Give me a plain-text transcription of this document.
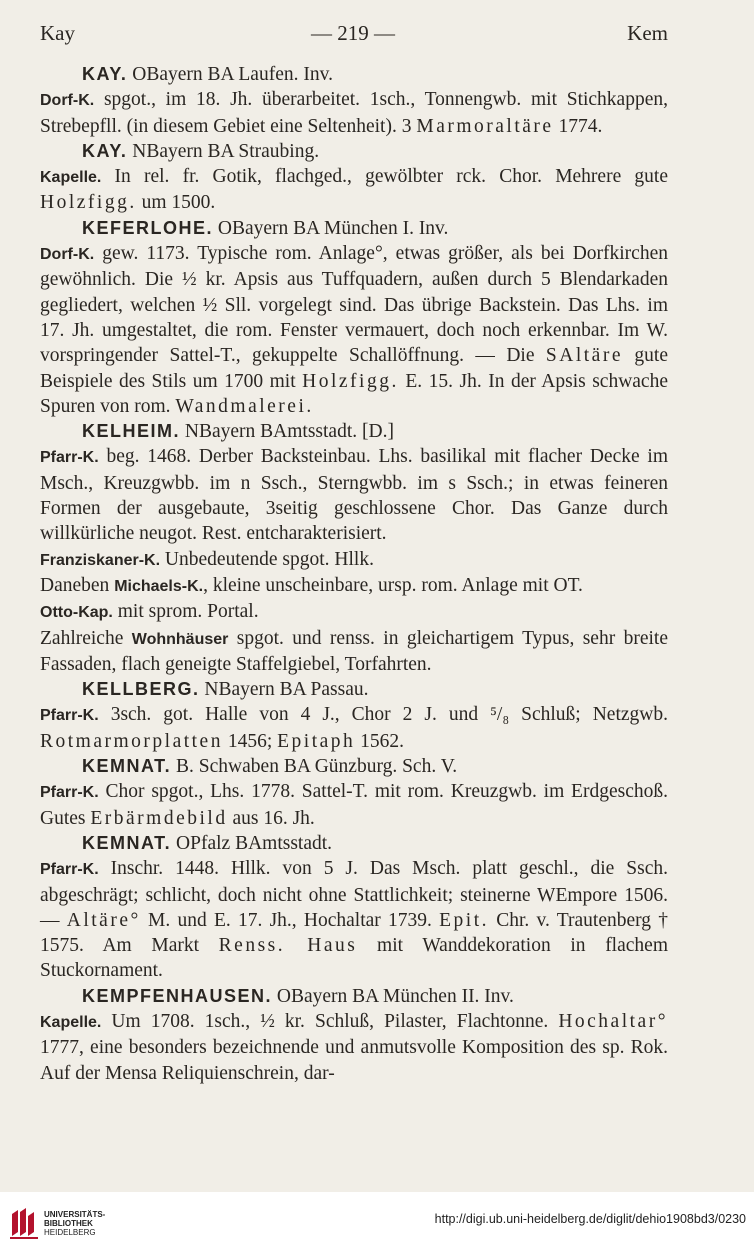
Kay	— 219 —	Kem

KAY. OBayern BA Laufen. Inv.

Dorf-K. spgot., im 18. Jh. überarbeitet. 1sch., Tonnengwb. mit Stichkappen, Strebepfll. (in diesem Gebiet eine Seltenheit). 3 Marmoraltäre 1774.

KAY. NBayern BA Straubing.

Kapelle. In rel. fr. Gotik, flachged., gewölbter rck. Chor. Mehrere gute Holzfigg. um 1500.

KEFERLOHE. OBayern BA München I. Inv.

Dorf-K. gew. 1173. Typische rom. Anlage°, etwas größer, als bei Dorfkirchen gewöhnlich. Die ½ kr. Apsis aus Tuffquadern, außen durch 5 Blendarkaden gegliedert, welchen ½ Sll. vorgelegt sind. Das übrige Backstein. Das Lhs. im 17. Jh. umgestaltet, die rom. Fenster vermauert, doch noch erkennbar. Im W. vorspringender Sattel-T., gekuppelte Schallöffnung. — Die SAltäre gute Beispiele des Stils um 1700 mit Holzfigg. E. 15. Jh. In der Apsis schwache Spuren von rom. Wandmalerei.

KELHEIM. NBayern BAmtsstadt. [D.]

Pfarr-K. beg. 1468. Derber Backsteinbau. Lhs. basilikal mit flacher Decke im Msch., Kreuzgwbb. im n Ssch., Sterngwbb. im s Ssch.; in etwas feineren Formen der ausgebaute, 3seitig geschlossene Chor. Das Ganze durch willkürliche neugot. Rest. entcharakterisiert.

Franziskaner-K. Unbedeutende spgot. Hllk.

Daneben Michaels-K., kleine unscheinbare, ursp. rom. Anlage mit OT.

Otto-Kap. mit sprom. Portal.

Zahlreiche Wohnhäuser spgot. und renss. in gleichartigem Typus, sehr breite Fassaden, flach geneigte Staffelgiebel, Torfahrten.

KELLBERG. NBayern BA Passau.

Pfarr-K. 3sch. got. Halle von 4 J., Chor 2 J. und ⁵/₈ Schluß; Netzgwb. Rotmarmorplatten 1456; Epitaph 1562.

KEMNAT. B. Schwaben BA Günzburg. Sch. V.

Pfarr-K. Chor spgot., Lhs. 1778. Sattel-T. mit rom. Kreuzgwb. im Erdgeschoß. Gutes Erbärmdebild aus 16. Jh.

KEMNAT. OPfalz BAmtsstadt.

Pfarr-K. Inschr. 1448. Hllk. von 5 J. Das Msch. platt geschl., die Ssch. abgeschrägt; schlicht, doch nicht ohne Stattlichkeit; steinerne WEmpore 1506. — Altäre° M. und E. 17. Jh., Hochaltar 1739. Epit. Chr. v. Trautenberg † 1575. Am Markt Renss. Haus mit Wanddekoration in flachem Stuckornament.

KEMPFENHAUSEN. OBayern BA München II. Inv.

Kapelle. Um 1708. 1sch., ½ kr. Schluß, Pilaster, Flachtonne. Hochaltar° 1777, eine besonders bezeichnende und anmutsvolle Komposition des sp. Rok. Auf der Mensa Reliquienschrein, dar-

UNIVERSITÄTS-
BIBLIOTHEK
HEIDELBERG
http://digi.ub.uni-heidelberg.de/diglit/dehio1908bd3/0230
